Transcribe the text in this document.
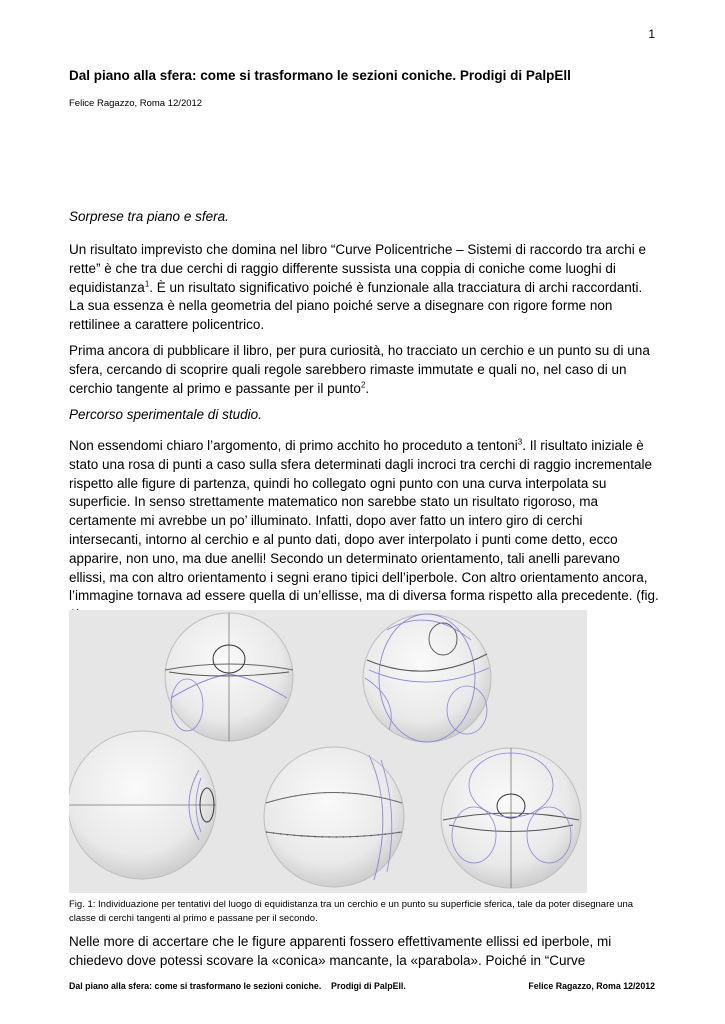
1
Dal piano alla sfera: come si trasformano le sezioni coniche. Prodigi di PalpEll
Felice Ragazzo, Roma 12/2012
Sorprese tra piano e sfera.
Un risultato imprevisto che domina nel libro “Curve Policentriche – Sistemi di raccordo tra archi e rette” è che tra due cerchi di raggio differente sussista una coppia di coniche come luoghi di equidistanza$^1$. È un risultato significativo poiché è funzionale alla tracciatura di archi raccordanti. La sua essenza è nella geometria del piano poiché serve a disegnare con rigore forme non rettilinee a carattere policentrico.
Prima ancora di pubblicare il libro, per pura curiosità, ho tracciato un cerchio e un punto su di una sfera, cercando di scoprire quali regole sarebbero rimaste immutate e quali no, nel caso di un cerchio tangente al primo e passante per il punto$^2$.
Percorso sperimentale di studio.
Non essendomi chiaro l’argomento, di primo acchito ho proceduto a tentoni$^3$. Il risultato iniziale è stato una rosa di punti a caso sulla sfera determinati dagli incroci tra cerchi di raggio incrementale rispetto alle figure di partenza, quindi ho collegato ogni punto con una curva interpolata su superficie. In senso strettamente matematico non sarebbe stato un risultato rigoroso, ma certamente mi avrebbe un po’ illuminato. Infatti, dopo aver fatto un intero giro di cerchi intersecanti, intorno al cerchio e al punto dati, dopo aver interpolato i punti come detto, ecco apparire, non uno, ma due anelli! Secondo un determinato orientamento, tali anelli parevano ellissi, ma con altro orientamento i segni erano tipici dell’iperbole. Con altro orientamento ancora, l’immagine tornava ad essere quella di un’ellisse, ma di diversa forma rispetto alla precedente. (fig.
Fig. 1: Individuazione per tentativi del luogo di equidistanza tra un cerchio e un punto su superficie sferica, tale da poter disegnare una classe di cerchi tangenti al primo e passane per il secondo.
Nelle more di accertare che le figure apparenti fossero effettivamente ellissi ed iperbole, mi chiedevo dove potessi scovare la «conica» mancante, la «parabola». Poiché in “Curve
Dal piano alla sfera: come si trasformano le sezioni coniche.    Prodigi di PalpEll.	Felice Ragazzo, Roma 12/2012
